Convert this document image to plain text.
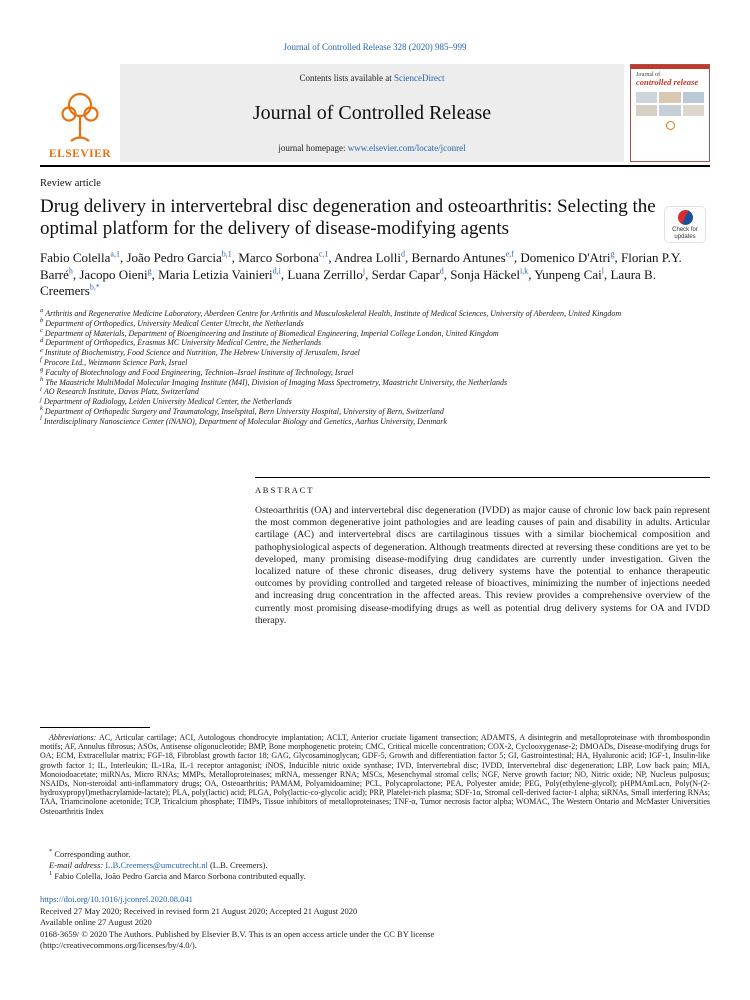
Journal of Controlled Release 328 (2020) 985–999
ELSEVIER
Contents lists available at ScienceDirect
Journal of Controlled Release
journal homepage: www.elsevier.com/locate/jconrel
Journal of
controlled release
Review article
Drug delivery in intervertebral disc degeneration and osteoarthritis: Selecting the optimal platform for the delivery of disease-modifying agents	Check for updates
Fabio Colella$^{a,1}$, João Pedro Garcia$^{b,1}$, Marco Sorbona$^{c,1}$, Andrea Lolli$^d$, Bernardo Antunes$^{e,f}$, Domenico D'Atri$^g$, Florian P.Y. Barré$^h$, Jacopo Oieni$^g$, Maria Letizia Vainieri$^{d,i}$, Luana Zerrillo$^j$, Serdar Capar$^d$, Sonja Häckel$^{i,k}$, Yunpeng Cai$^l$, Laura B. Creemers$^{b,*}$
$^a$ Arthritis and Regenerative Medicine Laboratory, Aberdeen Centre for Arthritis and Musculoskeletal Health, Institute of Medical Sciences, University of Aberdeen, United Kingdom
$^b$ Department of Orthopedics, University Medical Center Utrecht, the Netherlands
$^c$ Department of Materials, Department of Bioengineering and Institute of Biomedical Engineering, Imperial College London, United Kingdom
$^d$ Department of Orthopedics, Erasmus MC University Medical Centre, the Netherlands
$^e$ Institute of Biochemistry, Food Science and Nutrition, The Hebrew University of Jerusalem, Israel
$^f$ Procore Ltd., Weizmann Science Park, Israel
$^g$ Faculty of Biotechnology and Food Engineering, Technion–Israel Institute of Technology, Israel
$^h$ The Maastricht MultiModal Molecular Imaging Institute (M4I), Division of Imaging Mass Spectrometry, Maastricht University, the Netherlands
$^i$ AO Research Institute, Davos Platz, Switzerland
$^j$ Department of Radiology, Leiden University Medical Center, the Netherlands
$^k$ Department of Orthopedic Surgery and Traumatology, Inselspital, Bern University Hospital, University of Bern, Switzerland
$^l$ Interdisciplinary Nanoscience Center (iNANO), Department of Molecular Biology and Genetics, Aarhus University, Denmark
A B S T R A C T

Osteoarthritis (OA) and intervertebral disc degeneration (IVDD) as major cause of chronic low back pain represent the most common degenerative joint pathologies and are leading causes of pain and disability in adults. Articular cartilage (AC) and intervertebral discs are cartilaginous tissues with a similar biochemical composition and pathophysiological aspects of degeneration. Although treatments directed at reversing these conditions are yet to be developed, many promising disease-modifying drug candidates are currently under investigation. Given the localized nature of these chronic diseases, drug delivery systems have the potential to enhance therapeutic outcomes by providing controlled and targeted release of bioactives, minimizing the number of injections needed and increasing drug concentration in the affected areas. This review provides a comprehensive overview of the currently most promising disease-modifying drugs as well as potential drug delivery systems for OA and IVDD therapy.

Abbreviations: AC, Articular cartilage; ACI, Autologous chondrocyte implantation; ACLT, Anterior cruciate ligament transection; ADAMTS, A disintegrin and metalloproteinase with thrombospondin motifs; AF, Annulus fibrosus; ASOs, Antisense oligonucleotide; BMP, Bone morphogenetic protein; CMC, Critical micelle concentration; COX-2, Cyclooxygenase-2; DMOADs, Disease-modifying drugs for OA; ECM, Extracellular matrix; FGF-18, Fibroblast growth factor 18; GAG, Glycosaminoglycan; GDF-5, Growth and differentiation factor 5; GI, Gastrointestinal; HA, Hyaluronic acid; IGF-1, Insulin-like growth factor 1; IL, Interleukin; IL-1Ra, IL-1 receptor antagonist; iNOS, Inducible nitric oxide synthase; IVD, Intervertebral disc; IVDD, Intervertebral disc degeneration; LBP, Low back pain; MIA, Monoiodoacetate; miRNAs, Micro RNAs; MMPs, Metalloproteinases; mRNA, messenger RNA; MSCs, Mesenchymal stromal cells; NGF, Nerve growth factor; NO, Nitric oxide; NP, Nucleus pulposus; NSAIDs, Non-steroidal anti-inflammatory drugs; OA, Osteoarthritis; PAMAM, Polyamidoamine; PCL, Polycaprolactone; PEA, Polyester amide; PEG, Poly(ethylene-glycol); pHPMAmLacn, Poly(N-(2-hydroxypropyl)methacrylamide-lactate); PLA, poly(lactic) acid; PLGA, Poly(lactic-co-glycolic acid); PRP, Platelet-rich plasma; SDF-1α, Stromal cell-derived factor-1 alpha; siRNAs, Small interfering RNAs; TAA, Triamcinolone acetonide; TCP, Tricalcium phosphate; TIMPs, Tissue inhibitors of metalloproteinases; TNF-α, Tumor necrosis factor alpha; WOMAC, The Western Ontario and McMaster Universities Osteoarthritis Index

* Corresponding author.
E-mail address: L.B.Creemers@umcutrecht.nl (L.B. Creemers).
$^1$ Fabio Colella, João Pedro Garcia and Marco Sorbona contributed equally.
https://doi.org/10.1016/j.jconrel.2020.08.041
Received 27 May 2020; Received in revised form 21 August 2020; Accepted 21 August 2020
Available online 27 August 2020
0168-3659/ © 2020 The Authors. Published by Elsevier B.V. This is an open access article under the CC BY license
(http://creativecommons.org/licenses/by/4.0/).
